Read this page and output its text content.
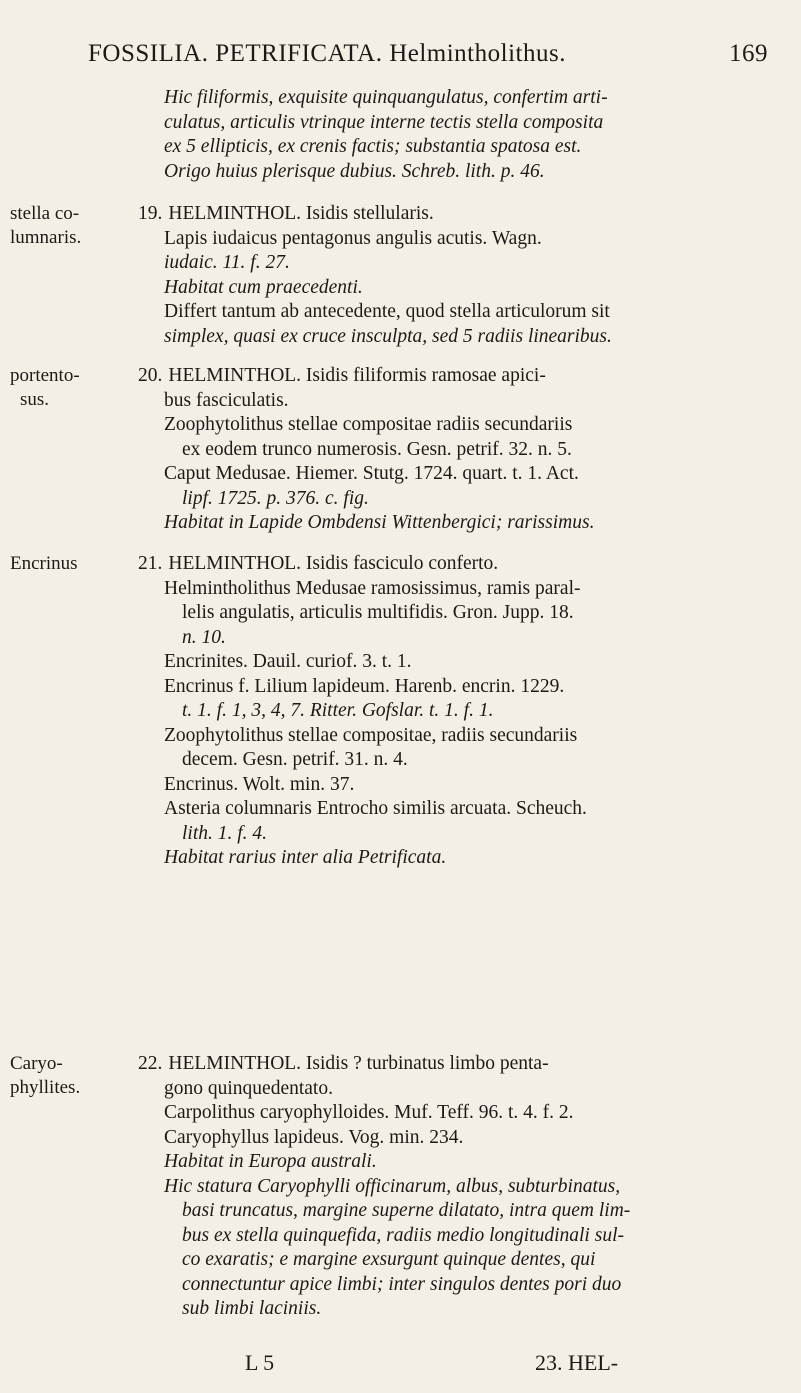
FOSSILIA. PETRIFICATA. Helmintholithus.	169
Hic filiformis, exquisite quinquangulatus, confertim arti-
culatus, articulis vtrinque interne tectis stella composita
ex 5 ellipticis, ex crenis factis; substantia spatosa est.
Origo huius plerisque dubius. Schreb. lith. p. 46.
stella co-
lumnaris.
19. HELMINTHOL. Isidis stellularis.
Lapis iudaicus pentagonus angulis acutis. Wagn.
iudaic. 11. f. 27.
Habitat cum praecedenti.
Differt tantum ab antecedente, quod stella articulorum sit
simplex, quasi ex cruce insculpta, sed 5 radiis linearibus.
portento-
sus.
20. HELMINTHOL. Isidis filiformis ramosae apici-
bus fasciculatis.
Zoophytolithus stellae compositae radiis secundariis
ex eodem trunco numerosis. Gesn. petrif. 32. n. 5.
Caput Medusae. Hiemer. Stutg. 1724. quart. t. 1. Act.
lipf. 1725. p. 376. c. fig.
Habitat in Lapide Ombdensi Wittenbergici; rarissimus.
Encrinus	21. HELMINTHOL. Isidis fasciculo conferto.
Helmintholithus Medusae ramosissimus, ramis paral-
lelis angulatis, articulis multifidis. Gron. Jupp. 18.
n. 10.
Encrinites. Dauil. curiof. 3. t. 1.
Encrinus f. Lilium lapideum. Harenb. encrin. 1229.
t. 1. f. 1, 3, 4, 7. Ritter. Gofslar. t. 1. f. 1.
Zoophytolithus stellae compositae, radiis secundariis
decem. Gesn. petrif. 31. n. 4.
Encrinus. Wolt. min. 37.
Asteria columnaris Entrocho similis arcuata. Scheuch.
lith. 1. f. 4.
Habitat rarius inter alia Petrificata.
Caryo-
phyllites.
22. HELMINTHOL. Isidis ? turbinatus limbo penta-
gono quinquedentato.
Carpolithus caryophylloides. Muf. Teff. 96. t. 4. f. 2.
Caryophyllus lapideus. Vog. min. 234.
Habitat in Europa australi.
Hic statura Caryophylli officinarum, albus, subturbinatus,
basi truncatus, margine superne dilatato, intra quem lim-
bus ex stella quinquefida, radiis medio longitudinali sul-
co exaratis; e margine exsurgunt quinque dentes, qui
connectuntur apice limbi; inter singulos dentes pori duo
sub limbi laciniis.
L 5	23. HEL-
